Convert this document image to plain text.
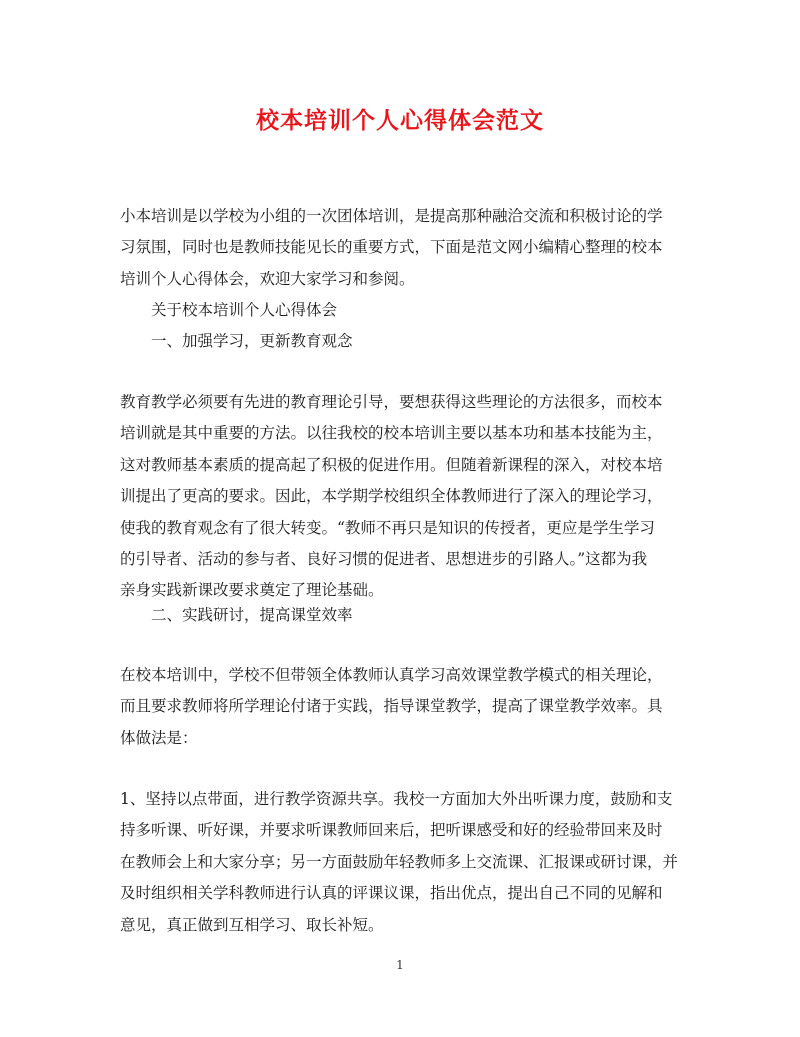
校本培训个人心得体会范文
小本培训是以学校为小组的一次团体培训，是提高那种融洽交流和积极讨论的学
习氛围，同时也是教师技能见长的重要方式，下面是范文网小编精心整理的校本
培训个人心得体会，欢迎大家学习和参阅。
关于校本培训个人心得体会
一、加强学习，更新教育观念
教育教学必须要有先进的教育理论引导，要想获得这些理论的方法很多，而校本
培训就是其中重要的方法。以往我校的校本培训主要以基本功和基本技能为主，
这对教师基本素质的提高起了积极的促进作用。但随着新课程的深入，对校本培
训提出了更高的要求。因此，本学期学校组织全体教师进行了深入的理论学习，
使我的教育观念有了很大转变。“教师不再只是知识的传授者，更应是学生学习
的引导者、活动的参与者、良好习惯的促进者、思想进步的引路人。”这都为我
亲身实践新课改要求奠定了理论基础。
二、实践研讨，提高课堂效率
在校本培训中，学校不但带领全体教师认真学习高效课堂教学模式的相关理论，
而且要求教师将所学理论付诸于实践，指导课堂教学，提高了课堂教学效率。具
体做法是：
1、坚持以点带面，进行教学资源共享。我校一方面加大外出听课力度，鼓励和支
持多听课、听好课，并要求听课教师回来后，把听课感受和好的经验带回来及时
在教师会上和大家分享；另一方面鼓励年轻教师多上交流课、汇报课或研讨课，并
及时组织相关学科教师进行认真的评课议课，指出优点，提出自己不同的见解和
意见，真正做到互相学习、取长补短。
1
